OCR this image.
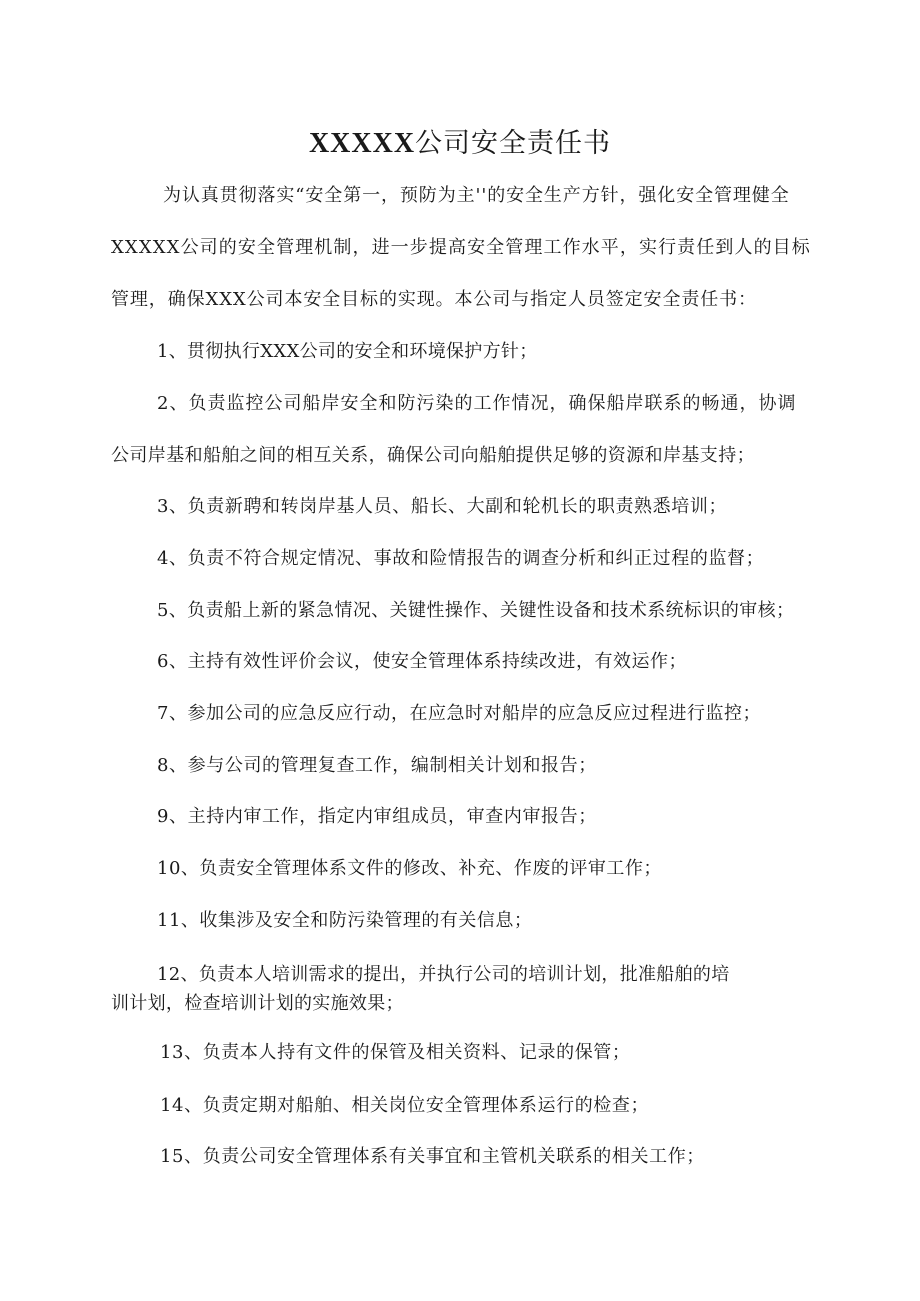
XXXXX公司安全责任书
为认真贯彻落实“安全第一，预防为主''的安全生产方针，强化安全管理健全
XXXXX公司的安全管理机制，进一步提高安全管理工作水平，实行责任到人的目标
管理，确保XXX公司本安全目标的实现。本公司与指定人员签定安全责任书：
1、贯彻执行XXX公司的安全和环境保护方针；
2、负责监控公司船岸安全和防污染的工作情况，确保船岸联系的畅通，协调
公司岸基和船舶之间的相互关系，确保公司向船舶提供足够的资源和岸基支持；
3、负责新聘和转岗岸基人员、船长、大副和轮机长的职责熟悉培训；
4、负责不符合规定情况、事故和险情报告的调查分析和纠正过程的监督；
5、负责船上新的紧急情况、关键性操作、关键性设备和技术系统标识的审核；
6、主持有效性评价会议，使安全管理体系持续改进，有效运作；
7、参加公司的应急反应行动，在应急时对船岸的应急反应过程进行监控；
8、参与公司的管理复查工作，编制相关计划和报告；
9、主持内审工作，指定内审组成员，审查内审报告；
10、负责安全管理体系文件的修改、补充、作废的评审工作；
11、收集涉及安全和防污染管理的有关信息；
12、负责本人培训需求的提出，并执行公司的培训计划，批准船舶的培
训计划，检查培训计划的实施效果；
13、负责本人持有文件的保管及相关资料、记录的保管；
14、负责定期对船舶、相关岗位安全管理体系运行的检查；
15、负责公司安全管理体系有关事宜和主管机关联系的相关工作；
